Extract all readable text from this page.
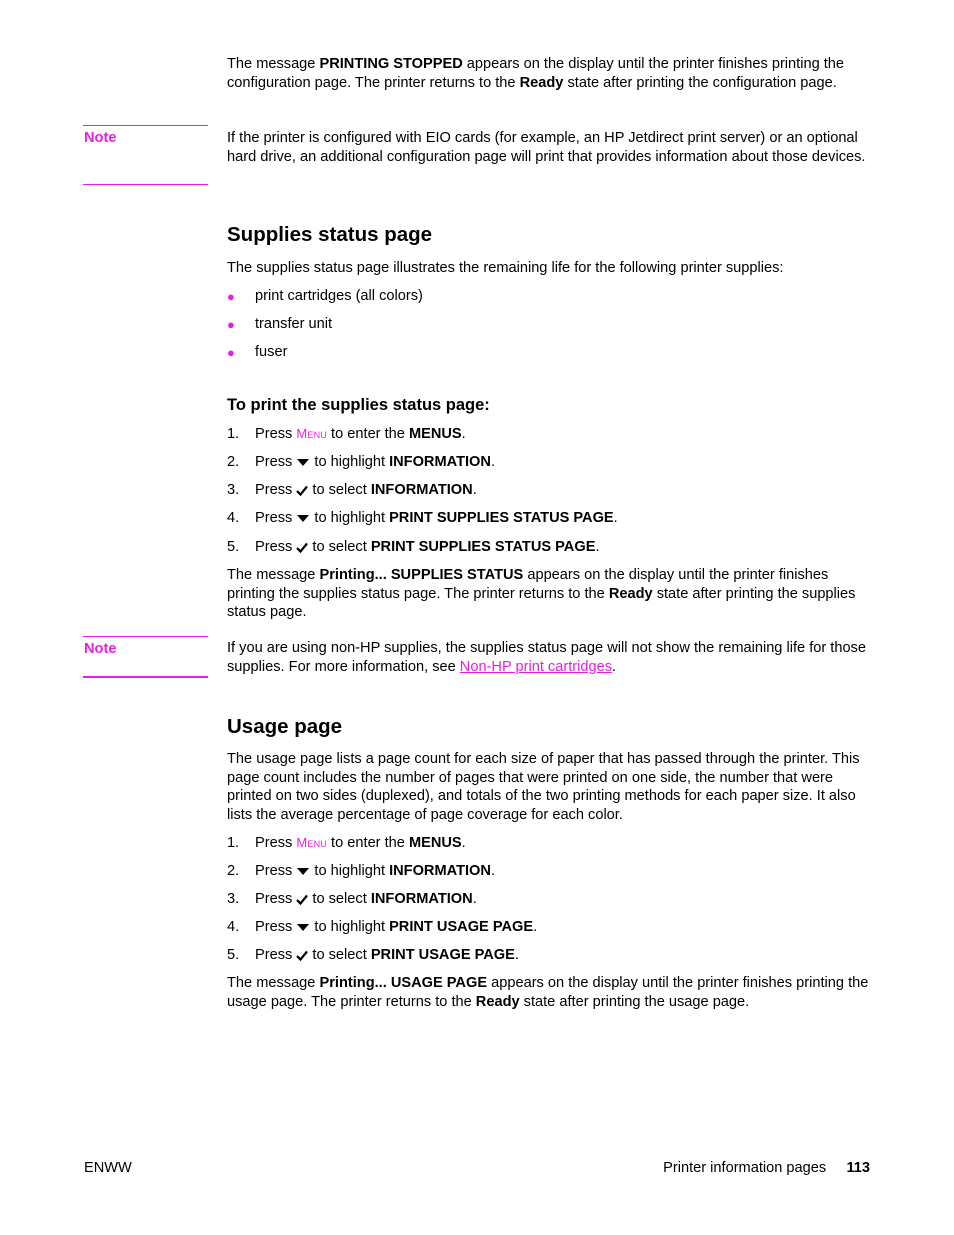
The message PRINTING STOPPED appears on the display until the printer finishes printing the configuration page. The printer returns to the Ready state after printing the configuration page.

Note	If the printer is configured with EIO cards (for example, an HP Jetdirect print server) or an optional hard drive, an additional configuration page will print that provides information about those devices.

Supplies status page

The supplies status page illustrates the remaining life for the following printer supplies:

● print cartridges (all colors)
● transfer unit
● fuser
To print the supplies status page:
1. Press Menu to enter the MENUS.
2. Press  to highlight INFORMATION.
3. Press  to select INFORMATION.
4. Press  to highlight PRINT SUPPLIES STATUS PAGE.
5. Press  to select PRINT SUPPLIES STATUS PAGE.

The message Printing... SUPPLIES STATUS appears on the display until the printer finishes printing the supplies status page. The printer returns to the Ready state after printing the supplies status page.

Note	If you are using non-HP supplies, the supplies status page will not show the remaining life for those supplies. For more information, see Non-HP print cartridges.

Usage page

The usage page lists a page count for each size of paper that has passed through the printer. This page count includes the number of pages that were printed on one side, the number that were printed on two sides (duplexed), and totals of the two printing methods for each paper size. It also lists the average percentage of page coverage for each color.

1. Press Menu to enter the MENUS.
2. Press  to highlight INFORMATION.
3. Press  to select INFORMATION.
4. Press  to highlight PRINT USAGE PAGE.
5. Press  to select PRINT USAGE PAGE.

The message Printing... USAGE PAGE appears on the display until the printer finishes printing the usage page. The printer returns to the Ready state after printing the usage page.

ENWW	Printer information pages 113
